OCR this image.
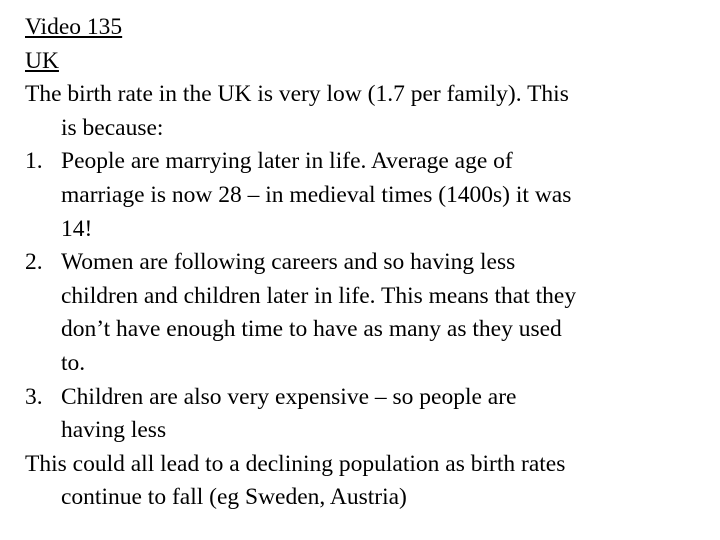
Video 135
UK
The birth rate in the UK is very low (1.7 per family). This
is because:
1. People are marrying later in life. Average age of
marriage is now 28 – in medieval times (1400s) it was
14!
2. Women are following careers and so having less
children and children later in life. This means that they
don’t have enough time to have as many as they used
to.
3. Children are also very expensive – so people are
having less
This could all lead to a declining population as birth rates
continue to fall (eg Sweden, Austria)
